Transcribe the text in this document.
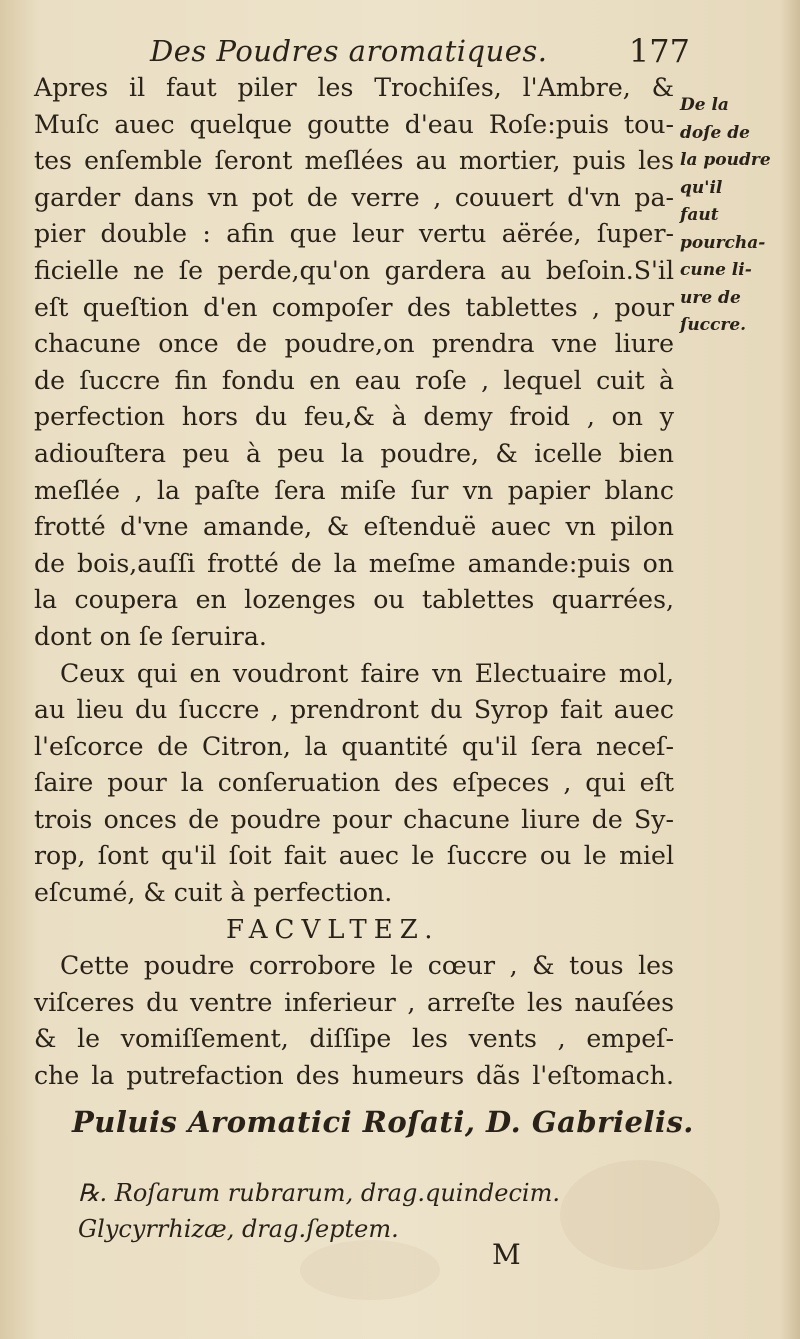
Des Poudres aromatiques.	177
Apres il faut piler les Trochiſes, l'Ambre, &
Muſc auec quelque goutte d'eau Roſe:puis tou-
tes enſemble ſeront meſlées au mortier, puis les
garder dans vn pot de verre , couuert d'vn pa-
pier double : afin que leur vertu aërée, ſuper-
ficielle ne ſe perde,qu'on gardera au beſoin.S'il
eſt queſtion d'en compoſer des tablettes , pour
chacune once de poudre,on prendra vne liure
de ſuccre fin fondu en eau roſe , lequel cuit à
perfection hors du feu,& à demy froid , on y
adiouſtera peu à peu la poudre, & icelle bien
meſlée , la paſte ſera miſe ſur vn papier blanc
frotté d'vne amande, & eſtenduë auec vn pilon
de bois,auſſi frotté de la meſme amande:puis on
la coupera en lozenges ou tablettes quarrées,
dont on ſe ſeruira.
Ceux qui en voudront faire vn Electuaire mol,
au lieu du ſuccre , prendront du Syrop fait auec
l'eſcorce de Citron, la quantité qu'il ſera neceſ-
ſaire pour la conſeruation des eſpeces , qui eſt
trois onces de poudre pour chacune liure de Sy-
rop, ſont qu'il ſoit fait auec le ſuccre ou le miel
eſcumé, & cuit à perfection.
FACVLTEZ.
Cette poudre corrobore le cœur , & tous les
viſceres du ventre inferieur , arreſte les nauſées
& le vomiſſement, diſſipe les vents , empeſ-
che la putrefaction des humeurs dãs l'eſtomach.
De la
doſe de
la poudre
qu'il
faut
pourcha-
cune li-
ure de
ſuccre.
Puluis Aromatici Roſati, D. Gabrielis.
℞. Roſarum rubrarum, drag.quindecim.
Glycyrrhizæ, drag.ſeptem.
M
